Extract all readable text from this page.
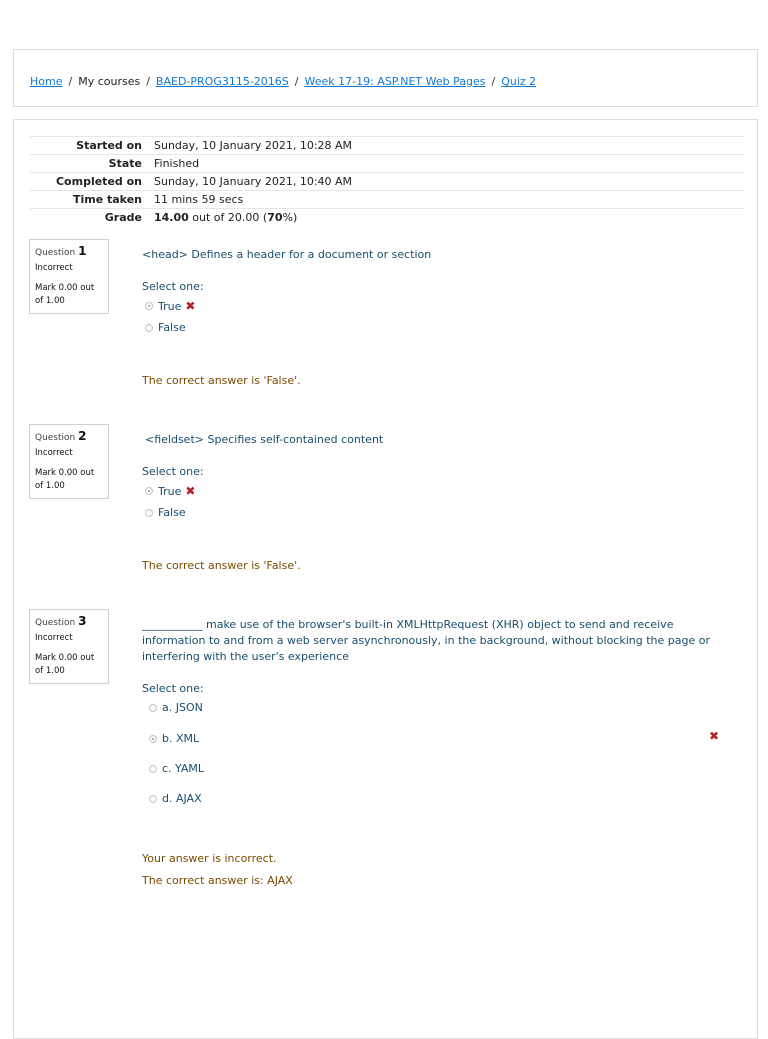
Home / My courses / BAED-PROG3115-2016S / Week 17-19: ASP.NET Web Pages / Quiz 2
Started on	Sunday, 10 January 2021, 10:28 AM
State	Finished
Completed on	Sunday, 10 January 2021, 10:40 AM
Time taken	11 mins 59 secs
Grade	14.00 out of 20.00 (70%)
Question 1
Incorrect
Mark 0.00 out of 1.00
<head> Defines a header for a document or section
Select one:
True ✖
False
The correct answer is 'False'.
Question 2
Incorrect
Mark 0.00 out of 1.00
<fieldset> Specifies self-contained content
Select one:
True ✖
False
The correct answer is 'False'.
Question 3
Incorrect
Mark 0.00 out of 1.00
___________ make use of the browser's built-in XMLHttpRequest (XHR) object to send and receive information to and from a web server asynchronously, in the background, without blocking the page or interfering with the user's experience
Select one:
a. JSON
b. XML	✖
c. YAML
d. AJAX
Your answer is incorrect.
The correct answer is: AJAX
